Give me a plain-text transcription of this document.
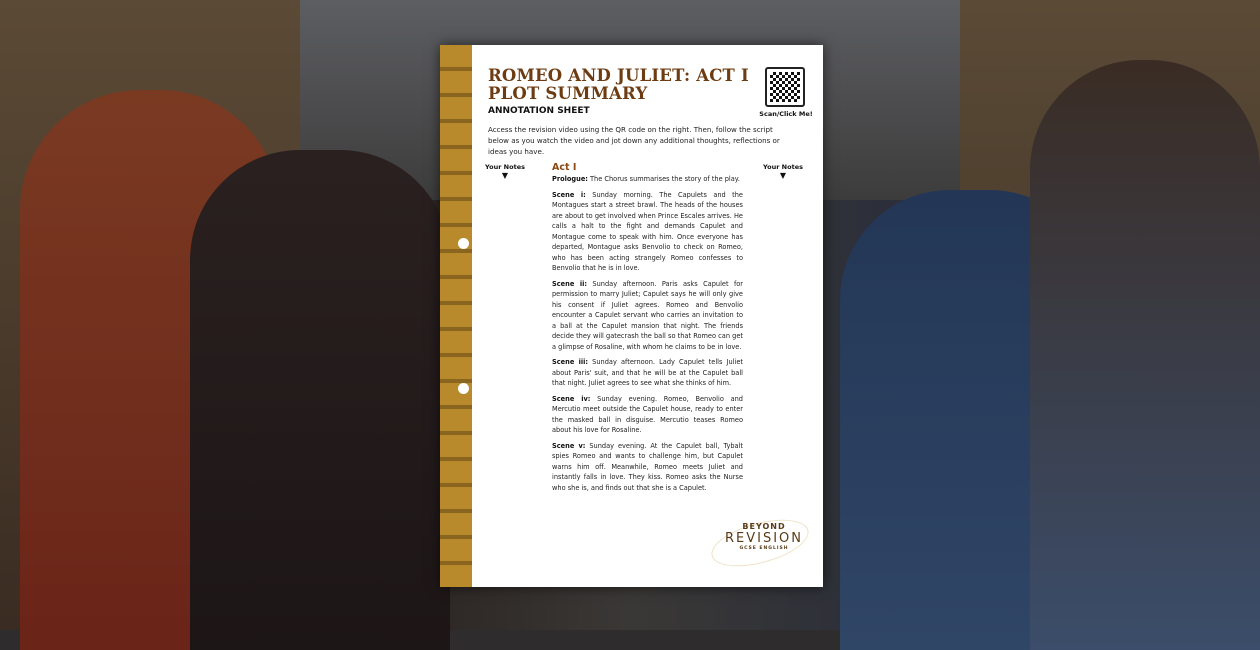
ROMEO AND JULIET: ACT I
PLOT SUMMARY
ANNOTATION SHEET
Access the revision video using the QR code on the right. Then, follow the script below as you watch the video and jot down any additional thoughts, reflections or ideas you have.
Scan/Click Me!
Your Notes
▼
Your Notes
▼
Act I

Prologue: The Chorus summarises the story of the play.

Scene i: Sunday morning. The Capulets and the Montagues start a street brawl. The heads of the houses are about to get involved when Prince Escales arrives. He calls a halt to the fight and demands Capulet and Montague come to speak with him. Once everyone has departed, Montague asks Benvolio to check on Romeo, who has been acting strangely Romeo confesses to Benvolio that he is in love.

Scene ii: Sunday afternoon. Paris asks Capulet for permission to marry Juliet; Capulet says he will only give his consent if Juliet agrees. Romeo and Benvolio encounter a Capulet servant who carries an invitation to a ball at the Capulet mansion that night. The friends decide they will gatecrash the ball so that Romeo can get a glimpse of Rosaline, with whom he claims to be in love.

Scene iii: Sunday afternoon. Lady Capulet tells Juliet about Paris' suit, and that he will be at the Capulet ball that night. Juliet agrees to see what she thinks of him.

Scene iv: Sunday evening. Romeo, Benvolio and Mercutio meet outside the Capulet house, ready to enter the masked ball in disguise. Mercutio teases Romeo about his love for Rosaline.

Scene v: Sunday evening. At the Capulet ball, Tybalt spies Romeo and wants to challenge him, but Capulet warns him off. Meanwhile, Romeo meets Juliet and instantly falls in love. They kiss. Romeo asks the Nurse who she is, and finds out that she is a Capulet.

BEYOND
REVISION
GCSE ENGLISH
